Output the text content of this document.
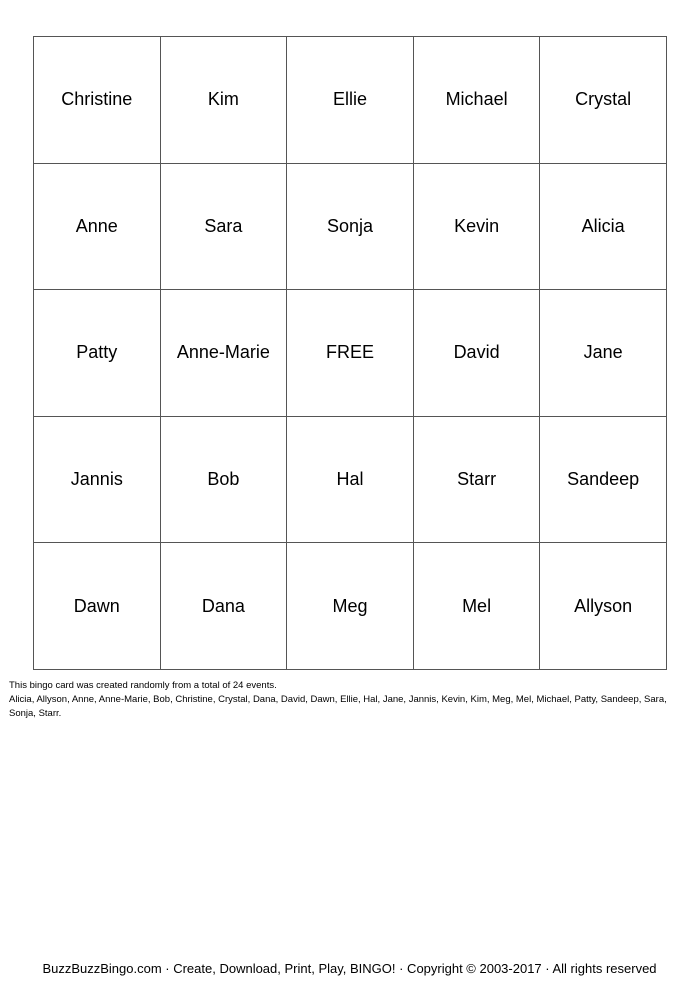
Christine	Kim	Ellie	Michael	Crystal
Anne	Sara	Sonja	Kevin	Alicia
Patty	Anne-Marie	FREE	David	Jane
Jannis	Bob	Hal	Starr	Sandeep
Dawn	Dana	Meg	Mel	Allyson
This bingo card was created randomly from a total of 24 events.
Alicia, Allyson, Anne, Anne-Marie, Bob, Christine, Crystal, Dana, David, Dawn, Ellie, Hal, Jane, Jannis, Kevin, Kim, Meg, Mel, Michael, Patty, Sandeep, Sara, Sonja, Starr.
BuzzBuzzBingo.com · Create, Download, Print, Play, BINGO! · Copyright © 2003-2017 · All rights reserved
